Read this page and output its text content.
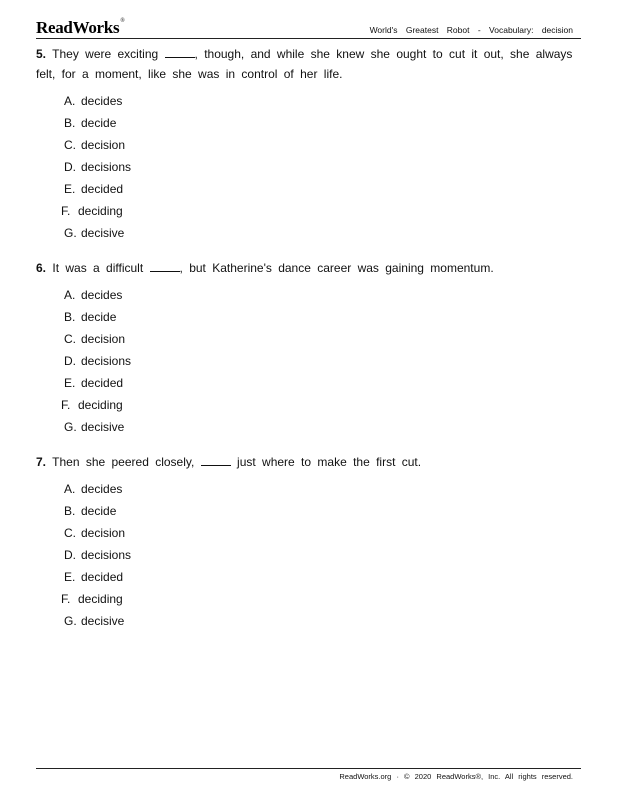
ReadWorks®
World's Greatest Robot - Vocabulary: decision

5. They were exciting	, though, and while she knew she ought to cut it out, she always felt, for a moment, like she was in control of her life.

A. decides
B. decide
C. decision
D. decisions
E. decided
F. deciding
G. decisive

6. It was a difficult	, but Katherine's dance career was gaining momentum.

A. decides
B. decide
C. decision
D. decisions
E. decided
F. deciding
G. decisive

7. Then she peered closely,	just where to make the first cut.

A. decides
B. decide
C. decision
D. decisions
E. decided
F. deciding
G. decisive
ReadWorks.org · © 2020 ReadWorks®, Inc. All rights reserved.
